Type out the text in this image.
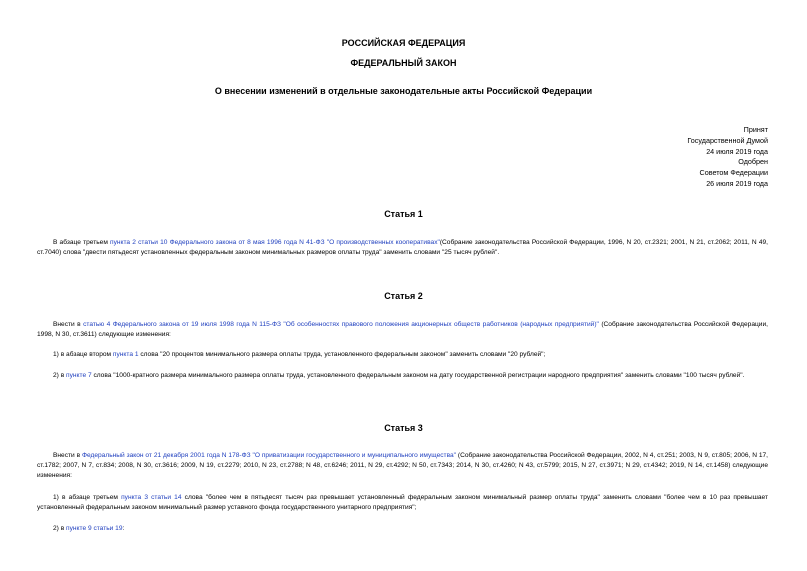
РОССИЙСКАЯ ФЕДЕРАЦИЯ
ФЕДЕРАЛЬНЫЙ ЗАКОН
О внесении изменений в отдельные законодательные акты Российской Федерации
Принят
Государственной Думой
24 июля 2019 года
Одобрен
Советом Федерации
26 июля 2019 года
Статья 1
В абзаце третьем пункта 2 статьи 10 Федерального закона от 8 мая 1996 года N 41-ФЗ "О производственных кооперативах"(Собрание законодательства Российской Федерации, 1996, N 20, ст.2321; 2001, N 21, ст.2062; 2011, N 49, ст.7040) слова "двести пятьдесят установленных федеральным законом минимальных размеров оплаты труда" заменить словами "25 тысяч рублей".
Статья 2
Внести в статью 4 Федерального закона от 19 июля 1998 года N 115-ФЗ "Об особенностях правового положения акционерных обществ работников (народных предприятий)" (Собрание законодательства Российской Федерации, 1998, N 30, ст.3611) следующие изменения:
1) в абзаце втором пункта 1 слова "20 процентов минимального размера оплаты труда, установленного федеральным законом" заменить словами "20 рублей";
2) в пункте 7 слова "1000-кратного размера минимального размера оплаты труда, установленного федеральным законом на дату государственной регистрации народного предприятия" заменить словами "100 тысяч рублей".
Статья 3
Внести в Федеральный закон от 21 декабря 2001 года N 178-ФЗ "О приватизации государственного и муниципального имущества" (Собрание законодательства Российской Федерации, 2002, N 4, ст.251; 2003, N 9, ст.805; 2006, N 17, ст.1782; 2007, N 7, ст.834; 2008, N 30, ст.3616; 2009, N 19, ст.2279; 2010, N 23, ст.2788; N 48, ст.6246; 2011, N 29, ст.4292; N 50, ст.7343; 2014, N 30, ст.4260; N 43, ст.5799; 2015, N 27, ст.3971; N 29, ст.4342; 2019, N 14, ст.1458) следующие изменения:
1) в абзаце третьем пункта 3 статьи 14 слова "более чем в пятьдесят тысяч раз превышает установленный федеральным законом минимальный размер оплаты труда" заменить словами "более чем в 10 раз превышает установленный федеральным законом минимальный размер уставного фонда государственного унитарного предприятия";
2) в пункте 9 статьи 19:
